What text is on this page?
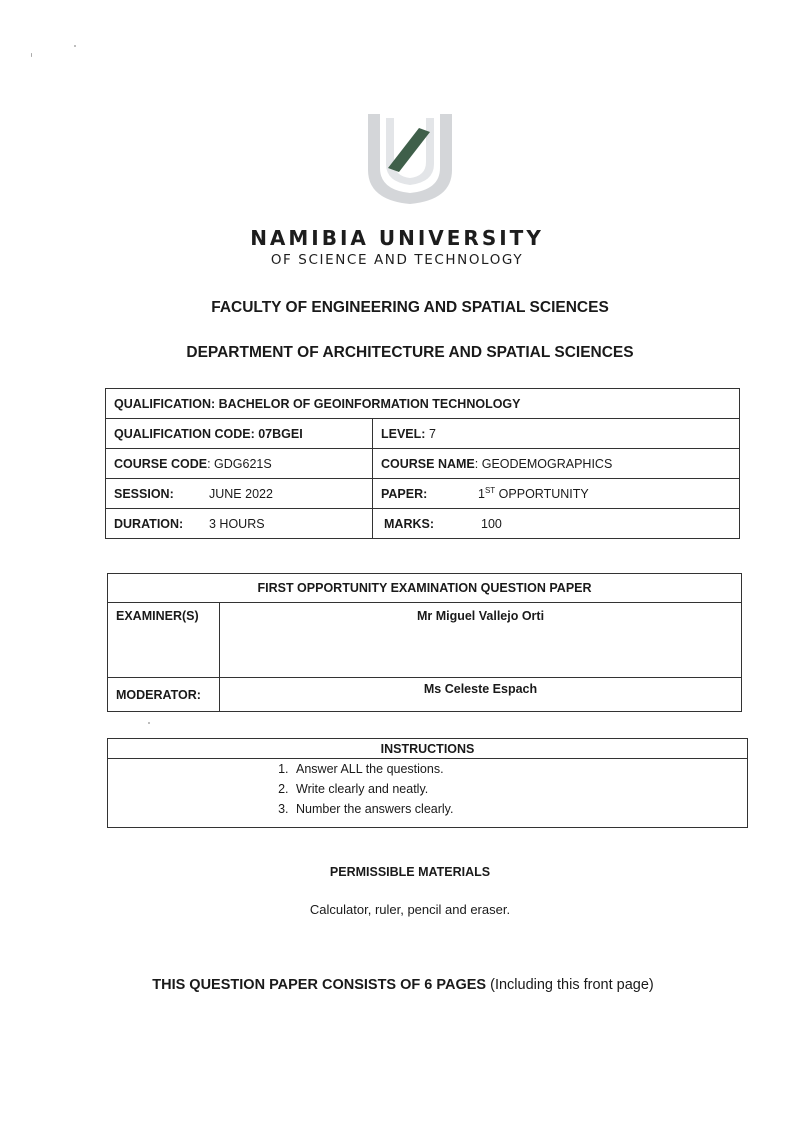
NAMIBIA UNIVERSITY
OF SCIENCE AND TECHNOLOGY
FACULTY OF ENGINEERING AND SPATIAL SCIENCES
DEPARTMENT OF ARCHITECTURE AND SPATIAL SCIENCES
QUALIFICATION: BACHELOR OF GEOINFORMATION TECHNOLOGY	
QUALIFICATION CODE: 07BGEI	LEVEL: 7
COURSE CODE: GDG621S	COURSE NAME: GEODEMOGRAPHICS
SESSION: JUNE 2022	PAPER: 1ST OPPORTUNITY
DURATION: 3 HOURS	MARKS: 100
FIRST OPPORTUNITY EXAMINATION QUESTION PAPER	
EXAMINER(S)	Mr Miguel Vallejo Orti
MODERATOR:	Ms Celeste Espach
INSTRUCTIONS

1. Answer ALL the questions.
2. Write clearly and neatly.
3. Number the answers clearly.
PERMISSIBLE MATERIALS
Calculator, ruler, pencil and eraser.
THIS QUESTION PAPER CONSISTS OF 6 PAGES (Including this front page)
